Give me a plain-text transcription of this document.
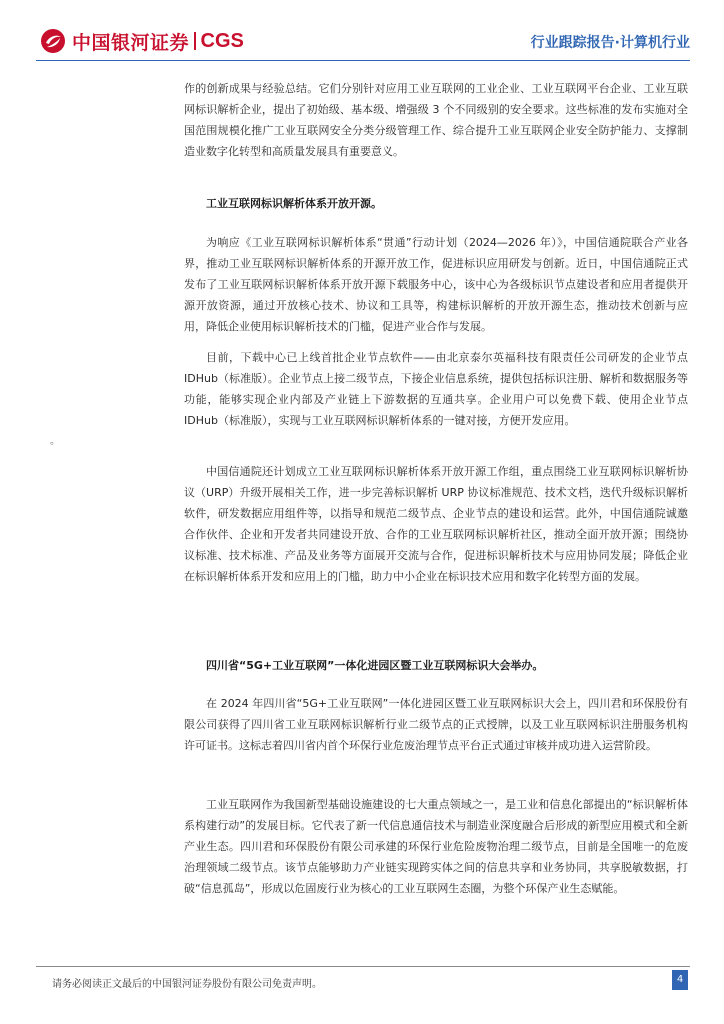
中国银河证券 CGS	行业跟踪报告·计算机行业

作的创新成果与经验总结。它们分别针对应用工业互联网的工业企业、工业互联网平台企业、工业互联网标识解析企业，提出了初始级、基本级、增强级 3 个不同级别的安全要求。这些标准的发布实施对全国范围规模化推广工业互联网安全分类分级管理工作、综合提升工业互联网企业安全防护能力、支撑制造业数字化转型和高质量发展具有重要意义。

工业互联网标识解析体系开放开源。

为响应《工业互联网标识解析体系“贯通”行动计划（2024—2026 年）》，中国信通院联合产业各界，推动工业互联网标识解析体系的开源开放工作，促进标识应用研发与创新。近日，中国信通院正式发布了工业互联网标识解析体系开放开源下载服务中心，该中心为各级标识节点建设者和应用者提供开源开放资源，通过开放核心技术、协议和工具等，构建标识解析的开放开源生态，推动技术创新与应用，降低企业使用标识解析技术的门槛，促进产业合作与发展。

目前，下载中心已上线首批企业节点软件——由北京泰尔英福科技有限责任公司研发的企业节点 IDHub（标准版）。企业节点上接二级节点，下接企业信息系统，提供包括标识注册、解析和数据服务等功能，能够实现企业内部及产业链上下游数据的互通共享。企业用户可以免费下载、使用企业节点 IDHub（标准版），实现与工业互联网标识解析体系的一键对接，方便开发应用。

。

中国信通院还计划成立工业互联网标识解析体系开放开源工作组，重点围绕工业互联网标识解析协议（URP）升级开展相关工作，进一步完善标识解析 URP 协议标准规范、技术文档，迭代升级标识解析软件，研发数据应用组件等，以指导和规范二级节点、企业节点的建设和运营。此外，中国信通院诚邀合作伙伴、企业和开发者共同建设开放、合作的工业互联网标识解析社区，推动全面开放开源；围绕协议标准、技术标准、产品及业务等方面展开交流与合作，促进标识解析技术与应用协同发展；降低企业在标识解析体系开发和应用上的门槛，助力中小企业在标识技术应用和数字化转型方面的发展。

四川省“5G+工业互联网”一体化进园区暨工业互联网标识大会举办。

在 2024 年四川省“5G+工业互联网”一体化进园区暨工业互联网标识大会上，四川君和环保股份有限公司获得了四川省工业互联网标识解析行业二级节点的正式授牌，以及工业互联网标识注册服务机构许可证书。这标志着四川省内首个环保行业危废治理节点平台正式通过审核并成功进入运营阶段。

工业互联网作为我国新型基础设施建设的七大重点领域之一，是工业和信息化部提出的“标识解析体系构建行动”的发展目标。它代表了新一代信息通信技术与制造业深度融合后形成的新型应用模式和全新产业生态。四川君和环保股份有限公司承建的环保行业危险废物治理二级节点，目前是全国唯一的危废治理领域二级节点。该节点能够助力产业链实现跨实体之间的信息共享和业务协同，共享脱敏数据，打破“信息孤岛”，形成以危固废行业为核心的工业互联网生态圈，为整个环保产业生态赋能。

请务必阅读正文最后的中国银河证券股份有限公司免责声明。	4
